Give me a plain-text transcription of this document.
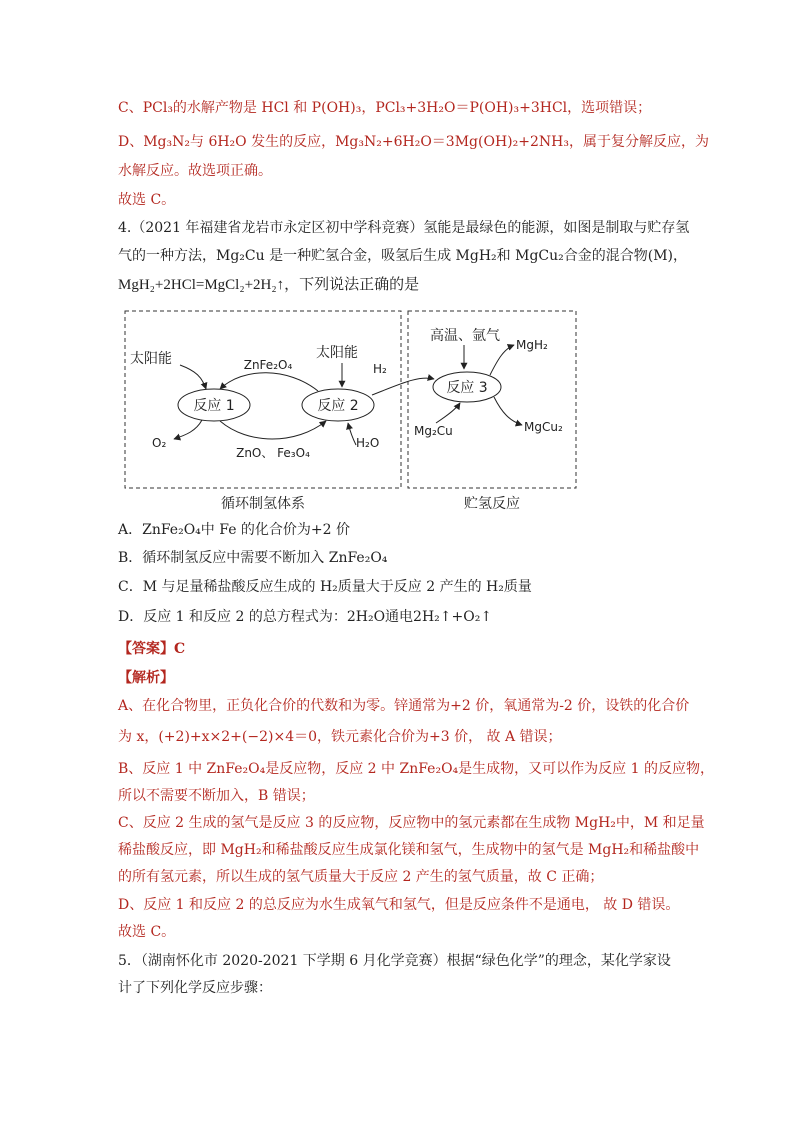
C、PCl₃的水解产物是 HCl 和 P(OH)₃，PCl₃+3H₂O＝P(OH)₃+3HCl，选项错误；
D、Mg₃N₂与 6H₂O 发生的反应，Mg₃N₂+6H₂O＝3Mg(OH)₂+2NH₃，属于复分解反应，为
水解反应。故选项正确。
故选 C。
4.（2021 年福建省龙岩市永定区初中学科竞赛）氢能是最绿色的能源，如图是制取与贮存氢
气的一种方法，Mg₂Cu 是一种贮氢合金，吸氢后生成 MgH₂和 MgCu₂合金的混合物(M)，
MgH₂+2HCl=MgCl₂+2H₂↑，下列说法正确的是
反应 1	反应 2
反应 3
ZnFe₂O₄
ZnO、 Fe₃O₄
太阳能	太阳能
O₂	H₂O
H₂
高温、氩气
MgH₂
Mg₂Cu	MgCu₂
循环制氢体系	贮氢反应
A．ZnFe₂O₄中 Fe 的化合价为+2 价
B．循环制氢反应中需要不断加入 ZnFe₂O₄
C．M 与足量稀盐酸反应生成的 H₂质量大于反应 2 产生的 H₂质量
D．反应 1 和反应 2 的总方程式为：2H₂O通电2H₂↑+O₂↑
【答案】C
【解析】
A、在化合物里，正负化合价的代数和为零。锌通常为+2 价，氧通常为-2 价，设铁的化合价
为 x，(+2)+x×2+(−2)×4＝0，铁元素化合价为+3 价， 故 A 错误；
B、反应 1 中 ZnFe₂O₄是反应物，反应 2 中 ZnFe₂O₄是生成物，又可以作为反应 1 的反应物，
所以不需要不断加入，B 错误；
C、反应 2 生成的氢气是反应 3 的反应物，反应物中的氢元素都在生成物 MgH₂中，M 和足量
稀盐酸反应，即 MgH₂和稀盐酸反应生成氯化镁和氢气，生成物中的氢气是 MgH₂和稀盐酸中
的所有氢元素，所以生成的氢气质量大于反应 2 产生的氢气质量，故 C 正确；
D、反应 1 和反应 2 的总反应为水生成氧气和氢气，但是反应条件不是通电， 故 D 错误。
故选 C。
5．（湖南怀化市 2020-2021 下学期 6 月化学竞赛）根据“绿色化学”的理念，某化学家设
计了下列化学反应步骤：
